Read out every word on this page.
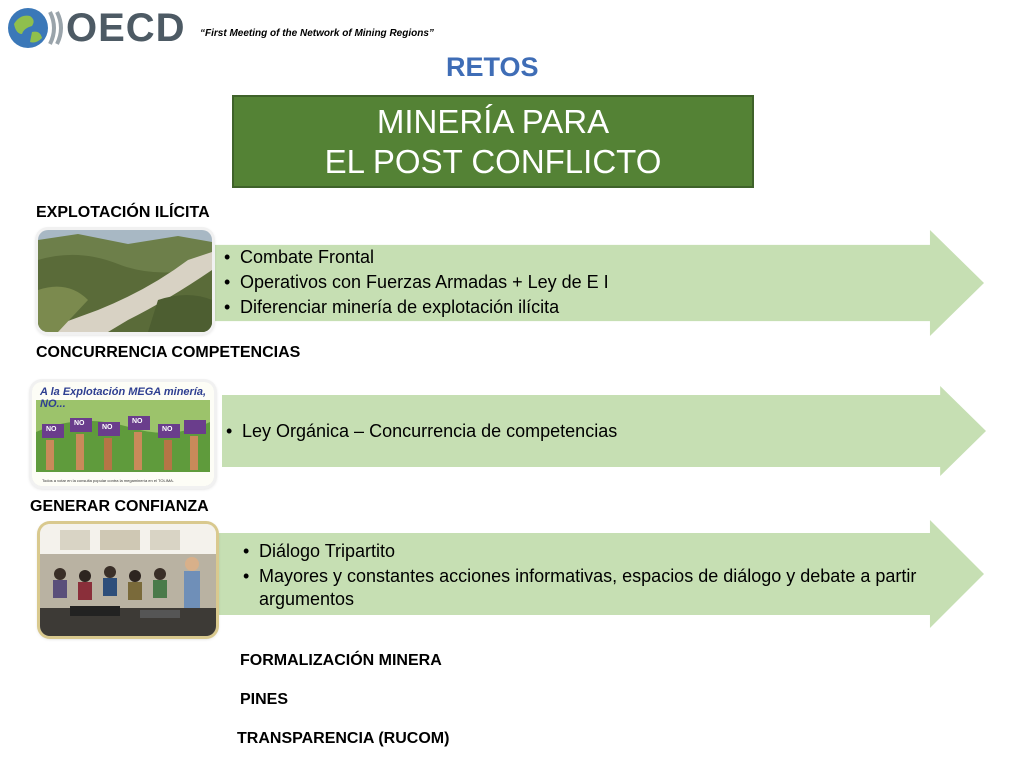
OECD “First Meeting of the Network of Mining Regions”
RETOS
MINERÍA PARA
EL POST CONFLICTO
EXPLOTACIÓN ILÍCITA
• Combate Frontal
• Operativos con Fuerzas Armadas + Ley de E I
• Diferenciar minería de explotación ilícita
CONCURRENCIA COMPETENCIAS
• Ley Orgánica – Concurrencia de competencias
A la Explotación MEGA minería, NO...
NO
NO
NO
NO
NO
Todos a votar en la consulta popular contra la megaminería en el TOLIMA.
GENERAR CONFIANZA
• Diálogo Tripartito
• Mayores y constantes acciones informativas, espacios de diálogo y debate a partir argumentos
FORMALIZACIÓN MINERA
PINES
TRANSPARENCIA (RUCOM)
